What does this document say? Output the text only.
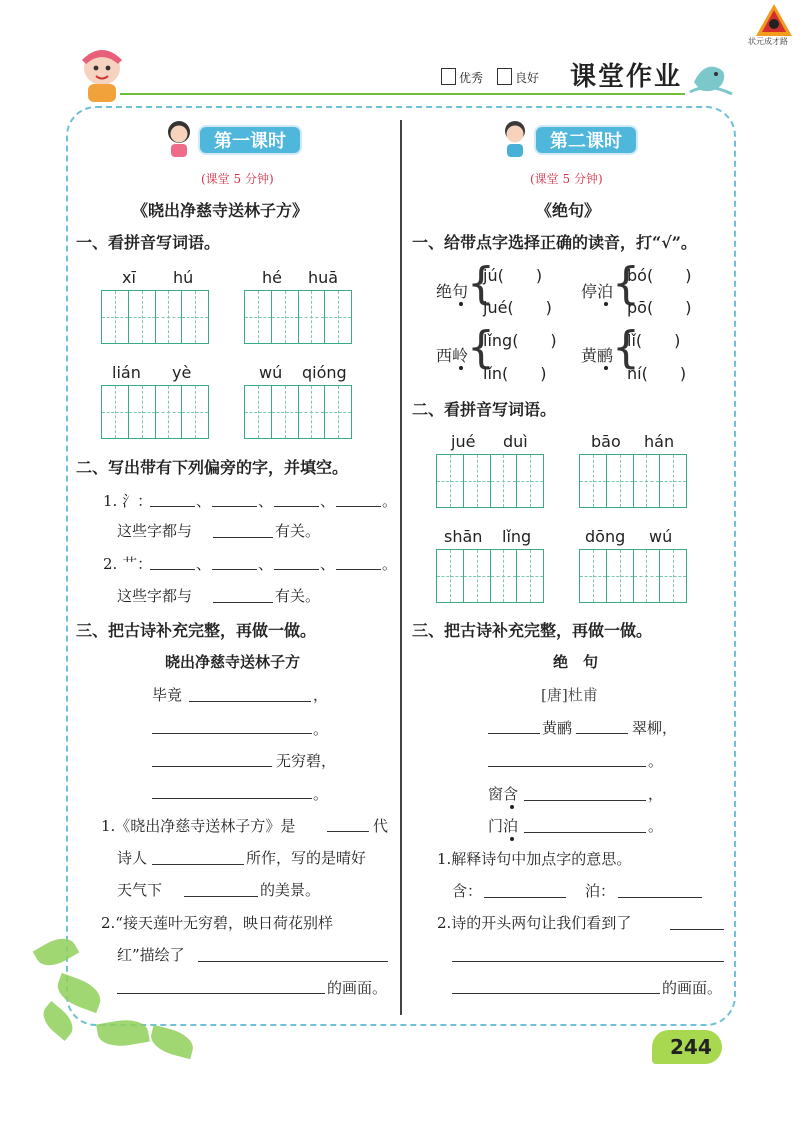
优秀	良好 课堂作业
状元成才路
第一课时
(课堂 5 分钟)
《晓出净慈寺送林子方》
一、看拼音写词语。
xī hú	hé huā
lián yè	wú qióng
二、写出带有下列偏旁的字，并填空。
1. 氵：	、	、	、	。
这些字都与	有关。
2. 艹：	、	、	、	。
这些字都与	有关。
三、把古诗补充完整，再做一做。
晓出净慈寺送林子方
毕竟	，
。
无穷碧，
。
1.《晓出净慈寺送林子方》是	代
诗人	所作，写的是晴好
天气下	的美景。
2.“接天莲叶无穷碧，映日荷花别样
红”描绘了
的画面。
第二课时
(课堂 5 分钟)
《绝句》
一、给带点字选择正确的读音，打“√”。
绝句
{
jú(　　)
jué(　　)
停泊
{
bó(　　)
pō(　　)
西岭
{
lǐng(　　)
lǐn(　　)
黄鹂
{
lǐ(　　)
ní(　　)
二、看拼音写词语。
jué duì	bāo hán
shān lǐng	dōng wú
三、把古诗补充完整，再做一做。
绝　句
[唐]杜甫
黄鹂	翠柳，
。
窗含	，
门泊	。
1.解释诗句中加点字的意思。
含：	泊：
2.诗的开头两句让我们看到了
的画面。
244
